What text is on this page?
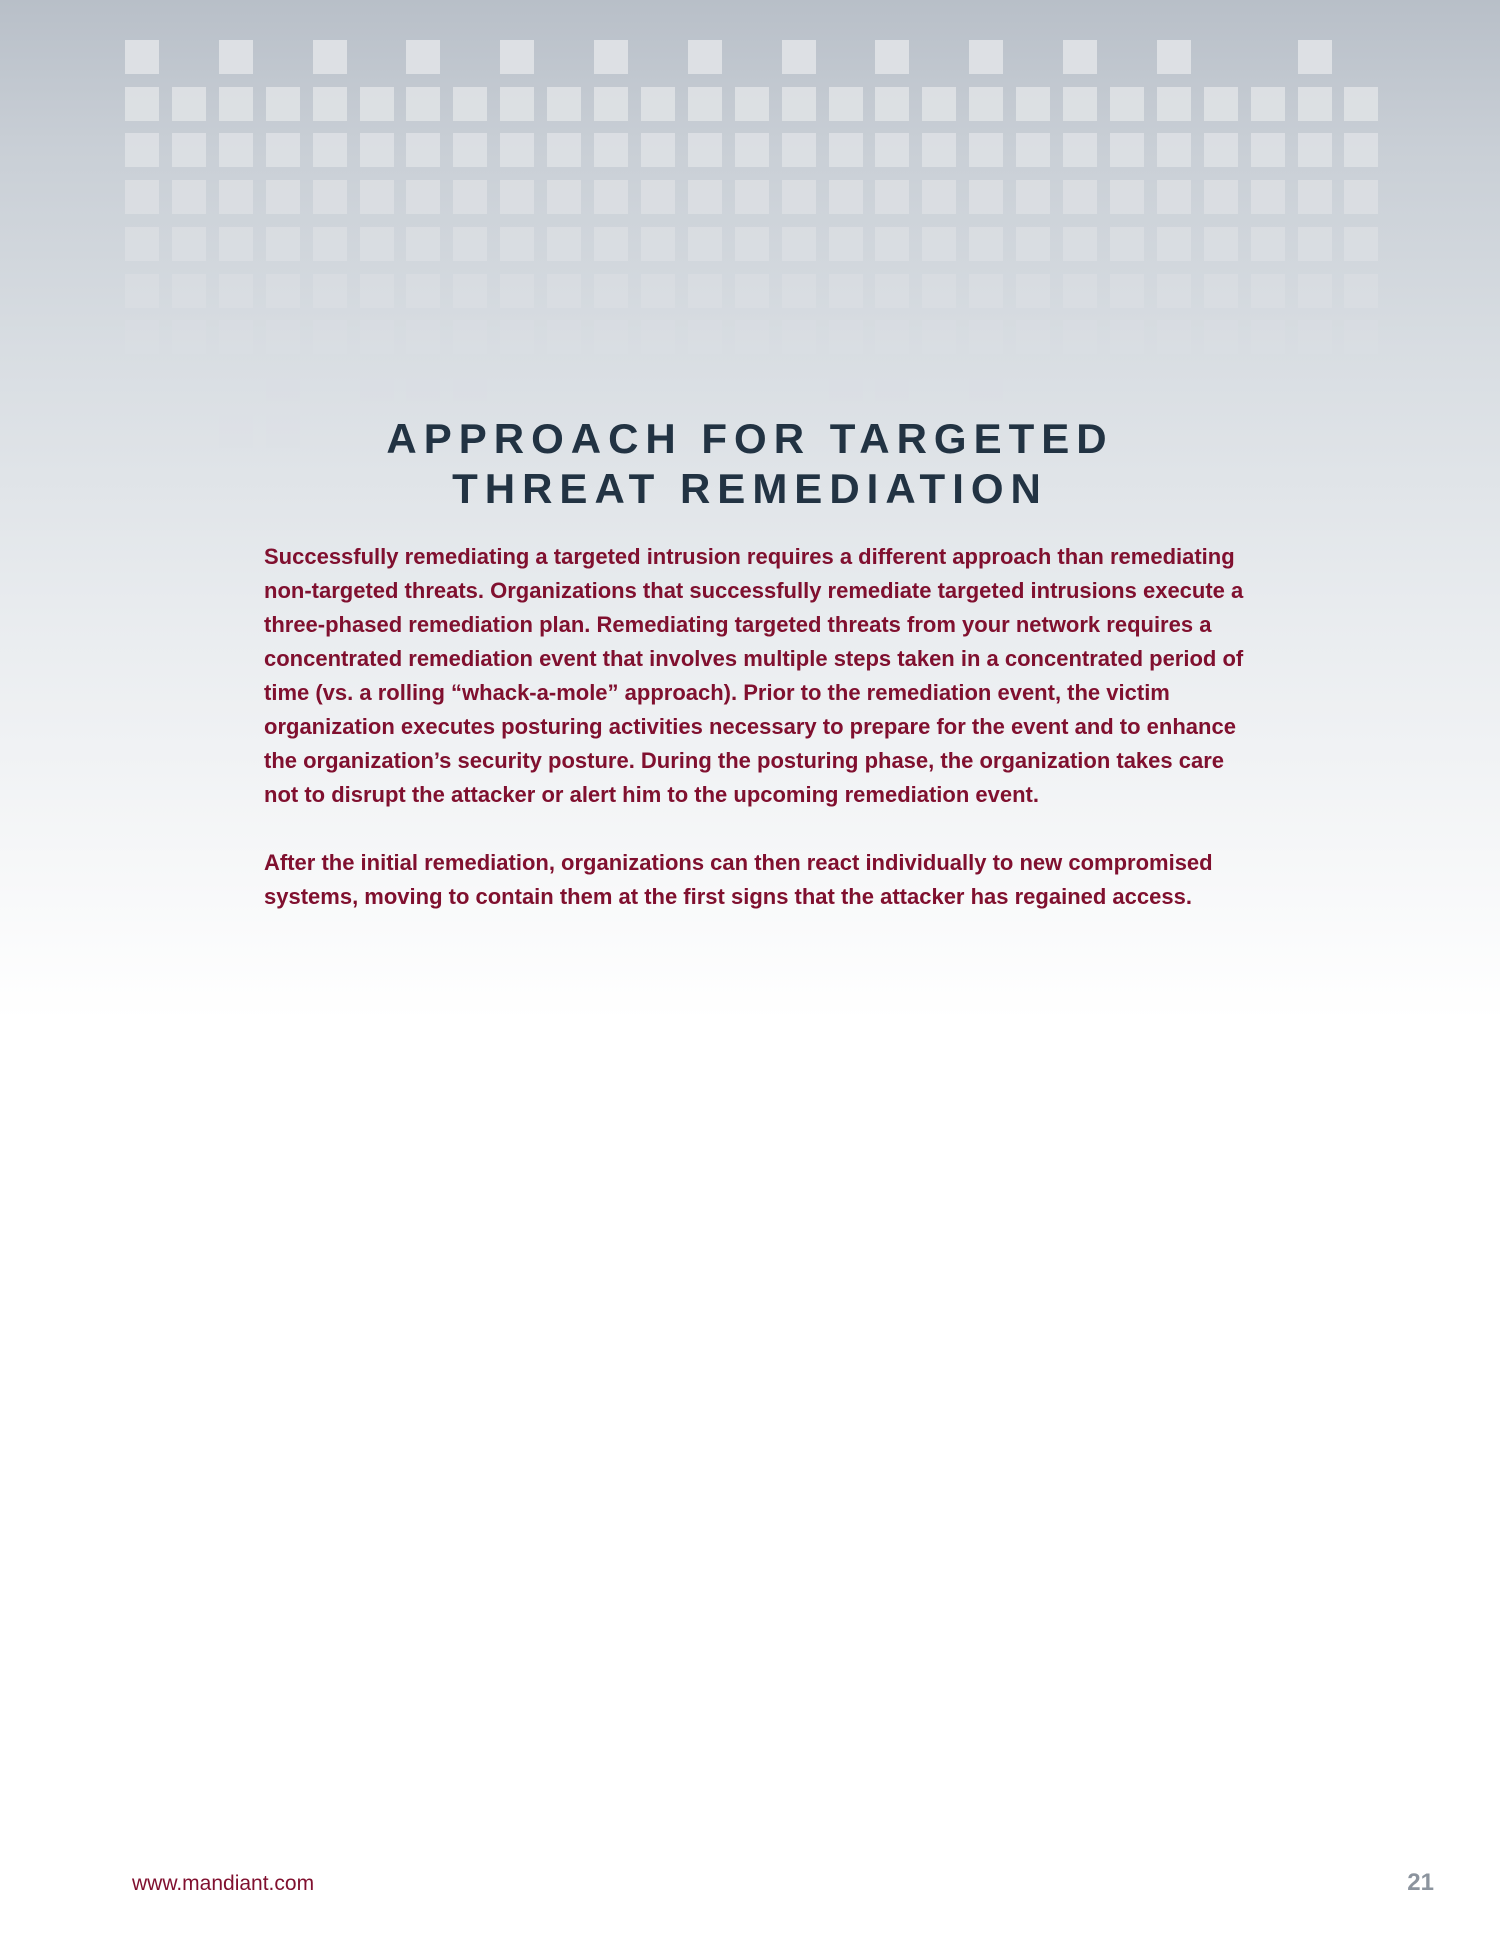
APPROACH FOR TARGETED
THREAT REMEDIATION

Successfully remediating a targeted intrusion requires a different approach than remediating non-targeted threats. Organizations that successfully remediate targeted intrusions execute a three-phased remediation plan. Remediating targeted threats from your network requires a concentrated remediation event that involves multiple steps taken in a concentrated period of time (vs. a rolling “whack-a-mole” approach). Prior to the remediation event, the victim organization executes posturing activities necessary to prepare for the event and to enhance the organization’s security posture. During the posturing phase, the organization takes care not to disrupt the attacker or alert him to the upcoming remediation event.

After the initial remediation, organizations can then react individually to new compromised systems, moving to contain them at the first signs that the attacker has regained access.

www.mandiant.com	21
